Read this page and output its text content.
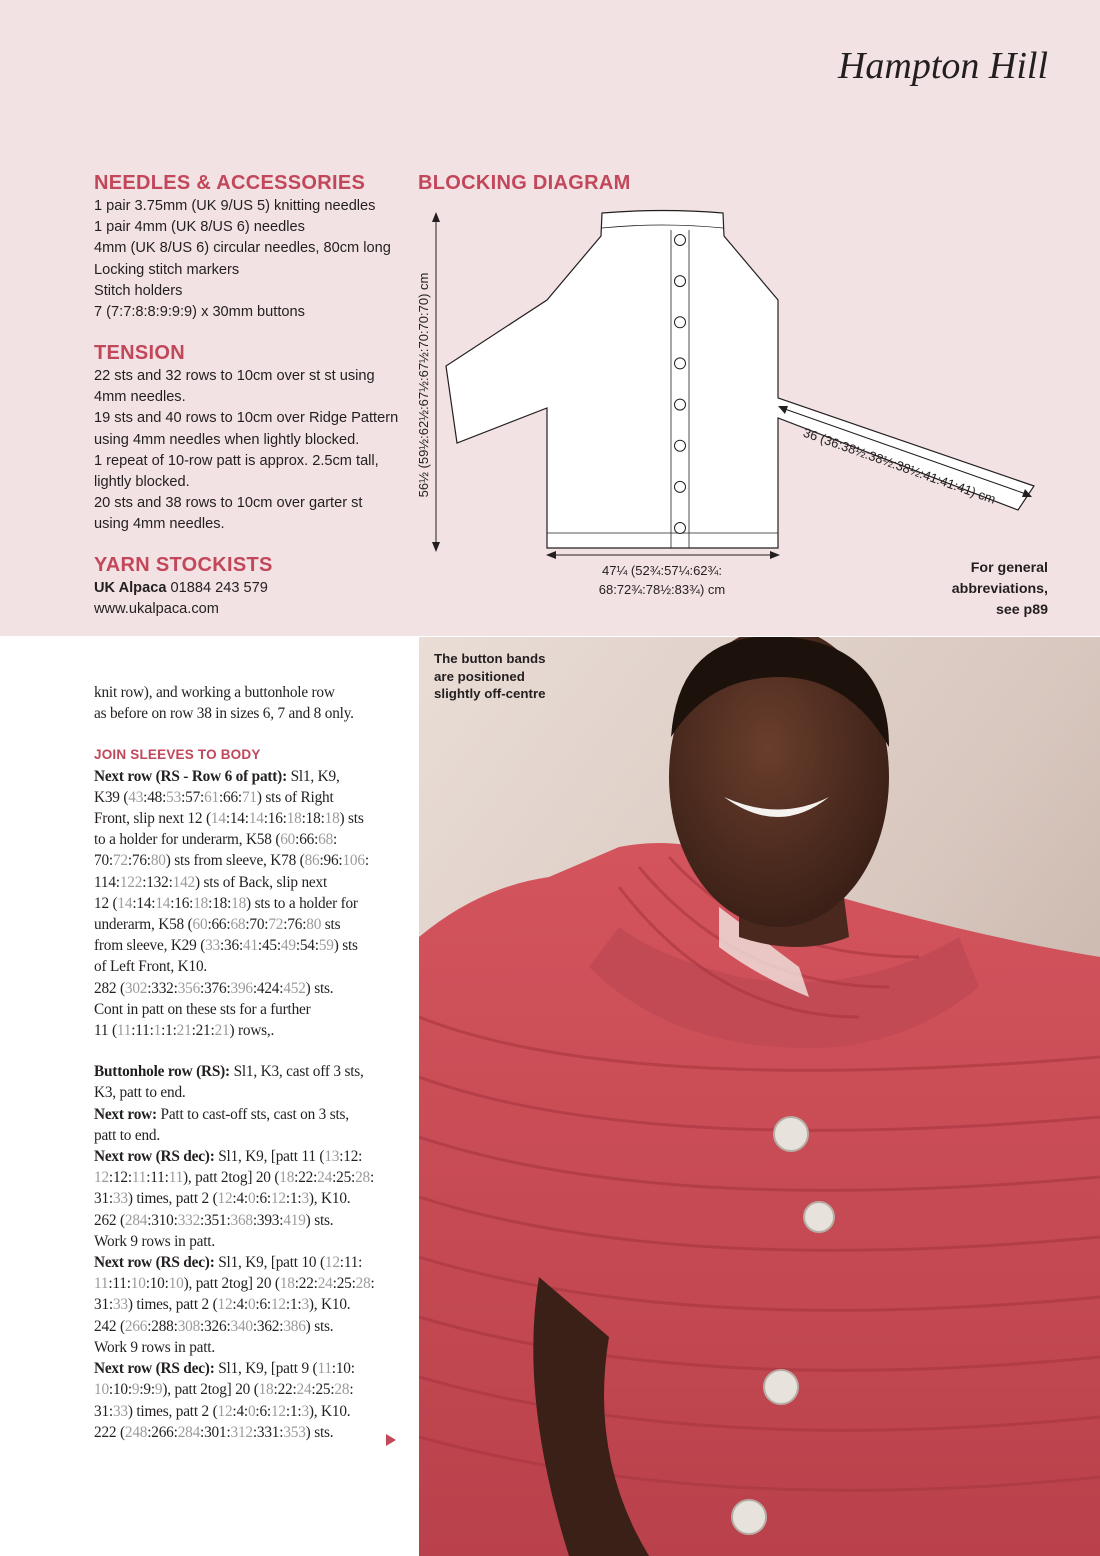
Hampton Hill
NEEDLES & ACCESSORIES
1 pair 3.75mm (UK 9/US 5) knitting needles
1 pair 4mm (UK 8/US 6) needles
4mm (UK 8/US 6) circular needles, 80cm long
Locking stitch markers
Stitch holders
7 (7:7:8:8:9:9:9) x 30mm buttons
TENSION
22 sts and 32 rows to 10cm over st st using
4mm needles.
19 sts and 40 rows to 10cm over Ridge Pattern
using 4mm needles when lightly blocked.
1 repeat of 10-row patt is approx. 2.5cm tall,
lightly blocked.
20 sts and 38 rows to 10cm over garter st
using 4mm needles.
YARN STOCKISTS
UK Alpaca 01884 243 579
www.ukalpaca.com
BLOCKING DIAGRAM
56½ (59½:62½:67½:67½:70:70:70) cm
47¼ (52¾:57¼:62¾:
68:72¾:78½:83¾) cm
36 (36:38½:38½:38½:41:41:41) cm
For general
abbreviations,
see p89

knit row), and working a buttonhole row

as before on row 38 in sizes 6, 7 and 8 only.

JOIN SLEEVES TO BODY

Next row (RS - Row 6 of patt): Sl1, K9,

K39 (43:48:53:57:61:66:71) sts of Right

Front, slip next 12 (14:14:14:16:18:18:18) sts

to a holder for underarm, K58 (60:66:68:

70:72:76:80) sts from sleeve, K78 (86:96:106:

114:122:132:142) sts of Back, slip next

12 (14:14:14:16:18:18:18) sts to a holder for

underarm, K58 (60:66:68:70:72:76:80 sts

from sleeve, K29 (33:36:41:45:49:54:59) sts

of Left Front, K10.

282 (302:332:356:376:396:424:452) sts.

Cont in patt on these sts for a further

11 (11:11:1:1:21:21:21) rows,.

Buttonhole row (RS): Sl1, K3, cast off 3 sts,

K3, patt to end.

Next row: Patt to cast-off sts, cast on 3 sts,

patt to end.

Next row (RS dec): Sl1, K9, [patt 11 (13:12:

12:12:11:11:11), patt 2tog] 20 (18:22:24:25:28:

31:33) times, patt 2 (12:4:0:6:12:1:3), K10.

262 (284:310:332:351:368:393:419) sts.

Work 9 rows in patt.

Next row (RS dec): Sl1, K9, [patt 10 (12:11:

11:11:10:10:10), patt 2tog] 20 (18:22:24:25:28:

31:33) times, patt 2 (12:4:0:6:12:1:3), K10.

242 (266:288:308:326:340:362:386) sts.

Work 9 rows in patt.

Next row (RS dec): Sl1, K9, [patt 9 (11:10:

10:10:9:9:9), patt 2tog] 20 (18:22:24:25:28:

31:33) times, patt 2 (12:4:0:6:12:1:3), K10.

222 (248:266:284:301:312:331:353) sts.

The button bands
are positioned
slightly off-centre
